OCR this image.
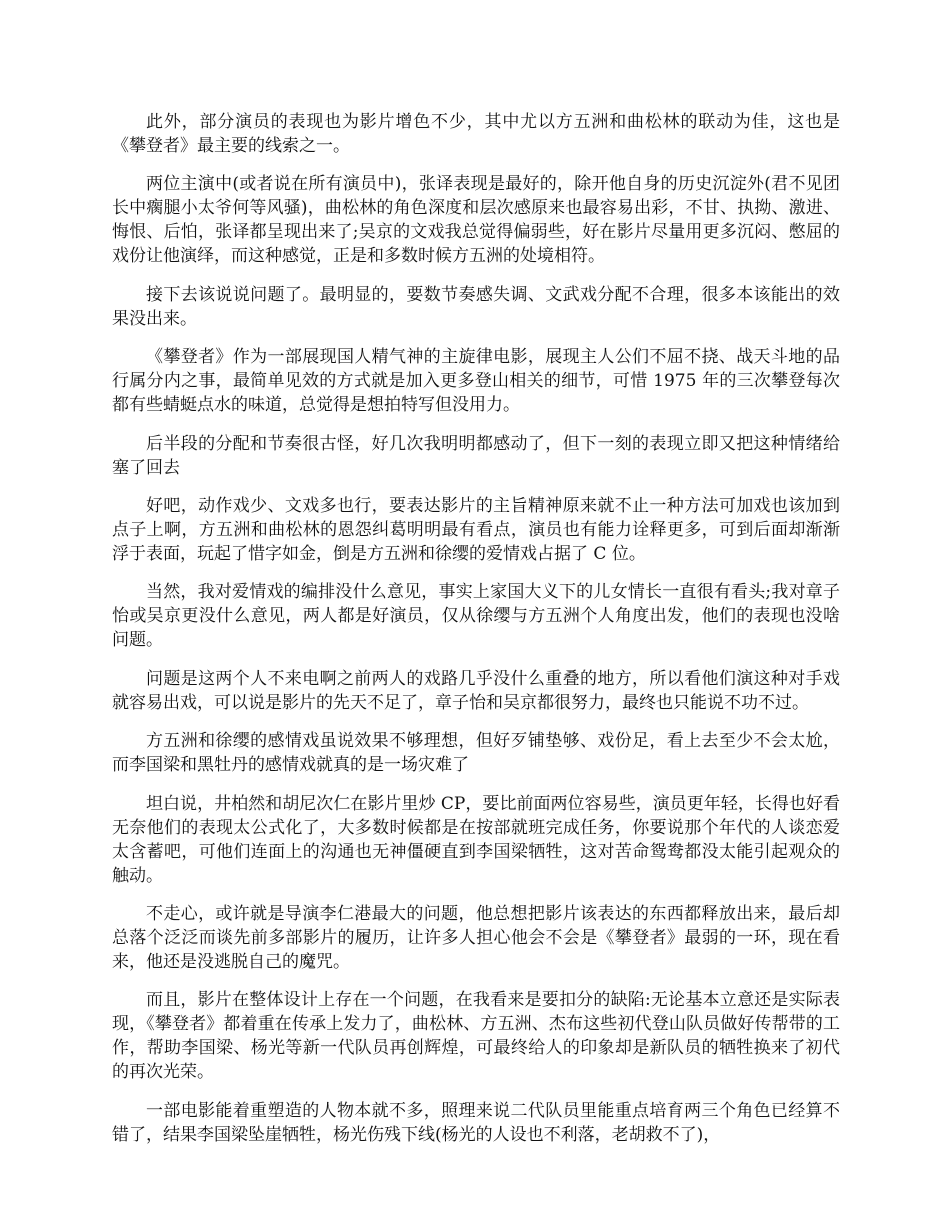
此外，部分演员的表现也为影片增色不少，其中尤以方五洲和曲松林的联动为佳，这也是《攀登者》最主要的线索之一。

两位主演中(或者说在所有演员中)，张译表现是最好的，除开他自身的历史沉淀外(君不见团长中瘸腿小太爷何等风骚)，曲松林的角色深度和层次感原来也最容易出彩，不甘、执拗、激进、悔恨、后怕，张译都呈现出来了;吴京的文戏我总觉得偏弱些，好在影片尽量用更多沉闷、憋屈的戏份让他演绎，而这种感觉，正是和多数时候方五洲的处境相符。

接下去该说说问题了。最明显的，要数节奏感失调、文武戏分配不合理，很多本该能出的效果没出来。

《攀登者》作为一部展现国人精气神的主旋律电影，展现主人公们不屈不挠、战天斗地的品行属分内之事，最简单见效的方式就是加入更多登山相关的细节，可惜 1975 年的三次攀登每次都有些蜻蜓点水的味道，总觉得是想拍特写但没用力。

后半段的分配和节奏很古怪，好几次我明明都感动了，但下一刻的表现立即又把这种情绪给塞了回去

好吧，动作戏少、文戏多也行，要表达影片的主旨精神原来就不止一种方法可加戏也该加到点子上啊，方五洲和曲松林的恩怨纠葛明明最有看点，演员也有能力诠释更多，可到后面却渐渐浮于表面，玩起了惜字如金，倒是方五洲和徐缨的爱情戏占据了 C 位。

当然，我对爱情戏的编排没什么意见，事实上家国大义下的儿女情长一直很有看头;我对章子怡或吴京更没什么意见，两人都是好演员，仅从徐缨与方五洲个人角度出发，他们的表现也没啥问题。

问题是这两个人不来电啊之前两人的戏路几乎没什么重叠的地方，所以看他们演这种对手戏就容易出戏，可以说是影片的先天不足了，章子怡和吴京都很努力，最终也只能说不功不过。

方五洲和徐缨的感情戏虽说效果不够理想，但好歹铺垫够、戏份足，看上去至少不会太尬，而李国梁和黑牡丹的感情戏就真的是一场灾难了

坦白说，井柏然和胡尼次仁在影片里炒 CP，要比前面两位容易些，演员更年轻，长得也好看无奈他们的表现太公式化了，大多数时候都是在按部就班完成任务，你要说那个年代的人谈恋爱太含蓄吧，可他们连面上的沟通也无神僵硬直到李国梁牺牲，这对苦命鸳鸯都没太能引起观众的触动。

不走心，或许就是导演李仁港最大的问题，他总想把影片该表达的东西都释放出来，最后却总落个泛泛而谈先前多部影片的履历，让许多人担心他会不会是《攀登者》最弱的一环，现在看来，他还是没逃脱自己的魔咒。

而且，影片在整体设计上存在一个问题，在我看来是要扣分的缺陷:无论基本立意还是实际表现，《攀登者》都着重在传承上发力了，曲松林、方五洲、杰布这些初代登山队员做好传帮带的工作，帮助李国梁、杨光等新一代队员再创辉煌，可最终给人的印象却是新队员的牺牲换来了初代的再次光荣。

一部电影能着重塑造的人物本就不多，照理来说二代队员里能重点培育两三个角色已经算不错了，结果李国梁坠崖牺牲，杨光伤残下线(杨光的人设也不利落，老胡救不了)，
